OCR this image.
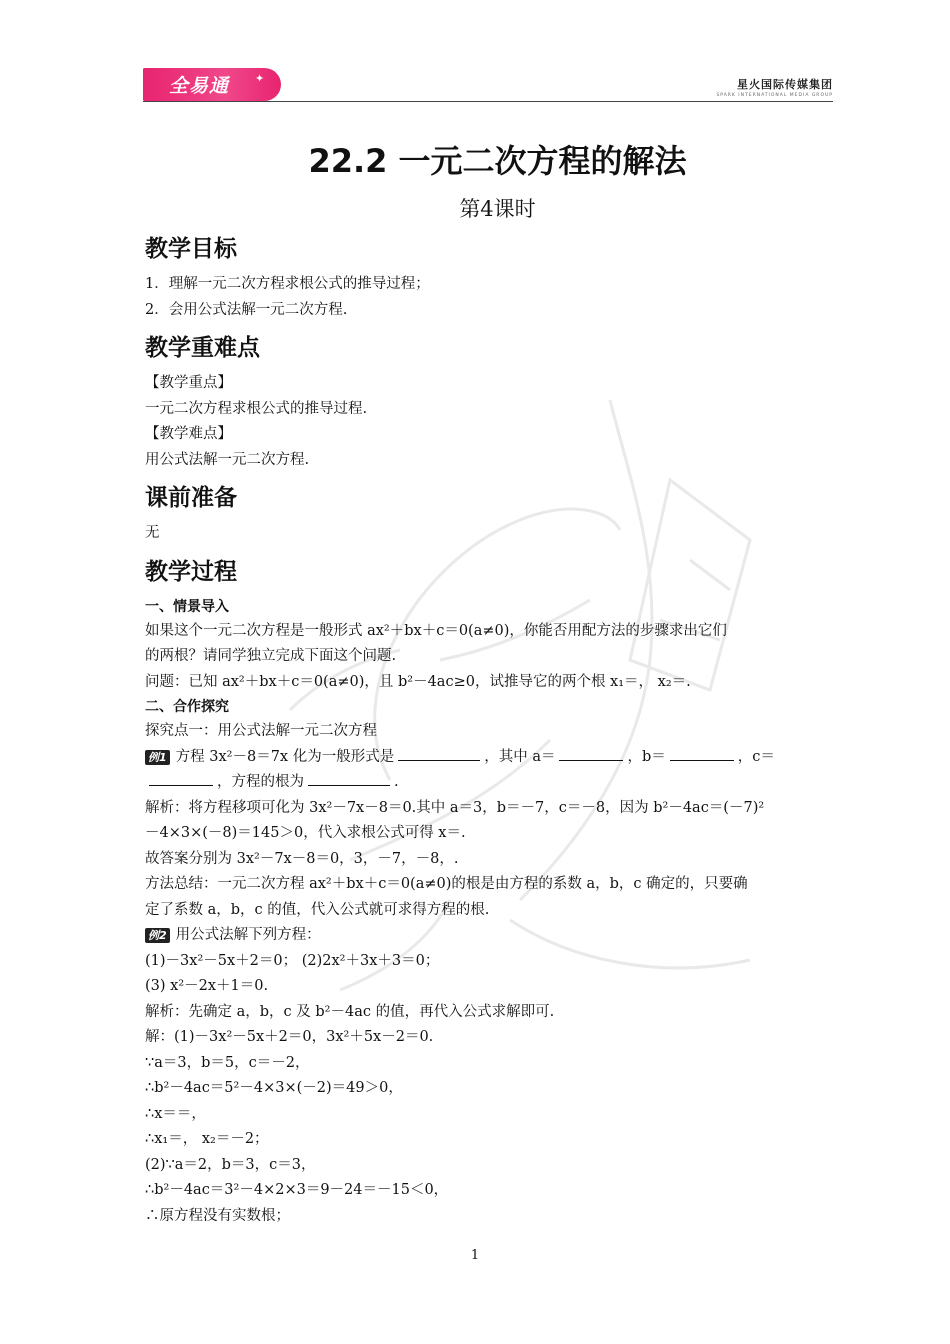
全易通 ✦	星火国际传媒集团
SPARK INTERNATIONAL MEDIA GROUP
22.2 一元二次方程的解法
第4课时
教学目标

1．理解一元二次方程求根公式的推导过程；

2．会用公式法解一元二次方程.

教学重难点

【教学重点】

一元二次方程求根公式的推导过程.

【教学难点】

用公式法解一元二次方程.

课前准备

无

教学过程
一、情景导入

如果这个一元二次方程是一般形式 ax²＋bx＋c＝0(a≠0)，你能否用配方法的步骤求出它们

的两根？请同学独立完成下面这个问题.

问题：已知 ax²＋bx＋c＝0(a≠0)，且 b²－4ac≥0，试推导它的两个根 x₁＝， x₂＝.

二、合作探究

探究点一：用公式法解一元二次方程

例1 方程 3x²－8＝7x 化为一般形式是	，其中 a＝	，b＝	，c＝

，方程的根为	.

解析：将方程移项可化为 3x²－7x－8＝0.其中 a＝3，b＝－7，c＝－8，因为 b²－4ac＝(－7)²

－4×3×(－8)＝145＞0，代入求根公式可得 x＝.

故答案分别为 3x²－7x－8＝0，3，－7，－8，.

方法总结：一元二次方程 ax²＋bx＋c＝0(a≠0)的根是由方程的系数 a，b，c 确定的，只要确

定了系数 a，b，c 的值，代入公式就可求得方程的根.

例2 用公式法解下列方程：

(1)－3x²－5x＋2＝0； (2)2x²＋3x＋3＝0；

(3) x²－2x＋1＝0.

解析：先确定 a，b，c 及 b²－4ac 的值，再代入公式求解即可.

解：(1)－3x²－5x＋2＝0，3x²＋5x－2＝0.

∵a＝3，b＝5，c＝－2，

∴b²－4ac＝5²－4×3×(－2)＝49＞0，

∴x＝＝，

∴x₁＝， x₂＝－2；

(2)∵a＝2，b＝3，c＝3，

∴b²－4ac＝3²－4×2×3＝9－24＝－15＜0，

∴原方程没有实数根；

1
